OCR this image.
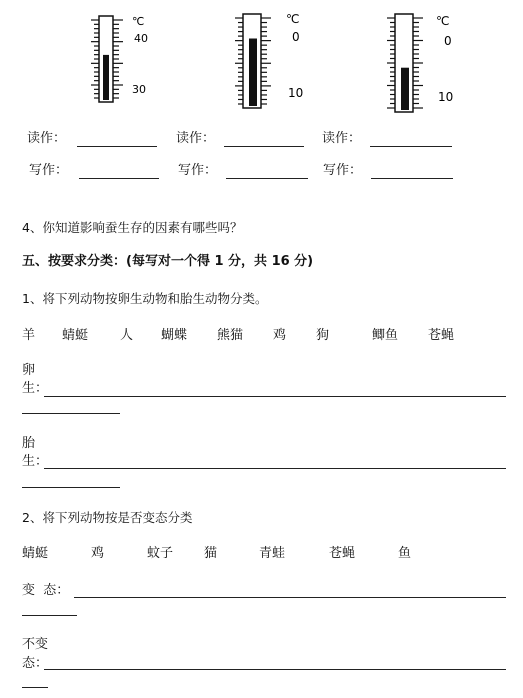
℃
40
30
℃
0
10
℃
0
10
读作：	读作：	读作：
写作：	写作：	写作：
4、你知道影响蚕生存的因素有哪些吗？
五、按要求分类：(每写对一个得 1 分，共 16 分)
1、将下列动物按卵生动物和胎生动物分类。
羊 蜻蜓 人 蝴蝶 熊猫 鸡 狗	鲫鱼 苍蝇
卵
生：
胎
生：
2、将下列动物按是否变态分类
蜻蜓	鸡	蚊子 猫	青蛙	苍蝇	鱼
变  态：
不变
态：
